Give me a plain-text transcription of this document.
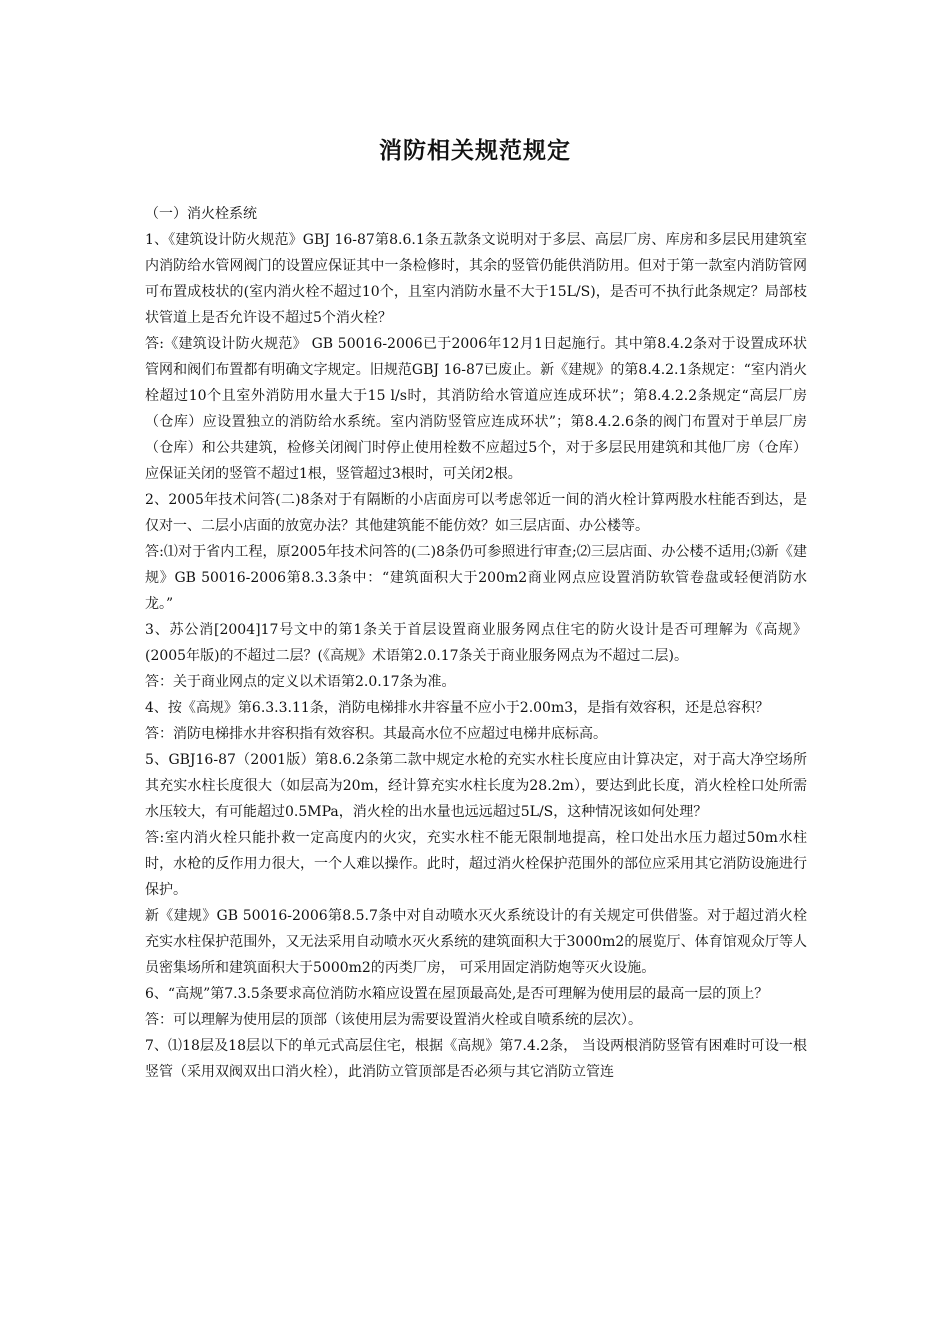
消防相关规范规定

（一）消火栓系统

1、《建筑设计防火规范》GBJ 16-87第8.6.1条五款条文说明对于多层、高层厂房、库房和多层民用建筑室内消防给水管网阀门的设置应保证其中一条检修时，其余的竖管仍能供消防用。但对于第一款室内消防管网可布置成枝状的(室内消火栓不超过10个，且室内消防水量不大于15L/S)，是否可不执行此条规定？局部枝状管道上是否允许设不超过5个消火栓？

答:《建筑设计防火规范》 GB 50016-2006已于2006年12月1日起施行。其中第8.4.2条对于设置成环状管网和阀们布置都有明确文字规定。旧规范GBJ 16-87已废止。新《建规》的第8.4.2.1条规定：“室内消火栓超过10个且室外消防用水量大于15 l/s时，其消防给水管道应连成环状”；第8.4.2.2条规定“高层厂房（仓库）应设置独立的消防给水系统。室内消防竖管应连成环状”；第8.4.2.6条的阀门布置对于单层厂房（仓库）和公共建筑，检修关闭阀门时停止使用栓数不应超过5个，对于多层民用建筑和其他厂房（仓库）应保证关闭的竖管不超过1根，竖管超过3根时，可关闭2根。

2、2005年技术问答(二)8条对于有隔断的小店面房可以考虑邻近一间的消火栓计算两股水柱能否到达，是仅对一、二层小店面的放宽办法？其他建筑能不能仿效？如三层店面、办公楼等。

答:⑴对于省内工程，原2005年技术问答的(二)8条仍可参照进行审查;⑵三层店面、办公楼不适用;⑶新《建规》GB 50016-2006第8.3.3条中：“建筑面积大于200m2商业网点应设置消防软管卷盘或轻便消防水龙。”

3、苏公消[2004]17号文中的第1条关于首层设置商业服务网点住宅的防火设计是否可理解为《高规》(2005年版)的不超过二层？(《高规》术语第2.0.17条关于商业服务网点为不超过二层)。

答：关于商业网点的定义以术语第2.0.17条为准。

4、按《高规》第6.3.3.11条，消防电梯排水井容量不应小于2.00m3，是指有效容积，还是总容积？

答：消防电梯排水井容积指有效容积。其最高水位不应超过电梯井底标高。

5、GBJ16-87（2001版）第8.6.2条第二款中规定水枪的充实水柱长度应由计算决定，对于高大净空场所其充实水柱长度很大（如层高为20m，经计算充实水柱长度为28.2m），要达到此长度，消火栓栓口处所需水压较大，有可能超过0.5MPa，消火栓的出水量也远远超过5L/S，这种情况该如何处理？

答:室内消火栓只能扑救一定高度内的火灾，充实水柱不能无限制地提高，栓口处出水压力超过50m水柱时，水枪的反作用力很大，一个人难以操作。此时，超过消火栓保护范围外的部位应采用其它消防设施进行保护。

新《建规》GB 50016-2006第8.5.7条中对自动喷水灭火系统设计的有关规定可供借鉴。对于超过消火栓充实水柱保护范围外，又无法采用自动喷水灭火系统的建筑面积大于3000m2的展览厅、体育馆观众厅等人员密集场所和建筑面积大于5000m2的丙类厂房， 可采用固定消防炮等灭火设施。

6、“高规”第7.3.5条要求高位消防水箱应设置在屋顶最高处,是否可理解为使用层的最高一层的顶上？

答：可以理解为使用层的顶部（该使用层为需要设置消火栓或自喷系统的层次）。

7、⑴18层及18层以下的单元式高层住宅，根据《高规》第7.4.2条， 当设两根消防竖管有困难时可设一根竖管（采用双阀双出口消火栓），此消防立管顶部是否必须与其它消防立管连
